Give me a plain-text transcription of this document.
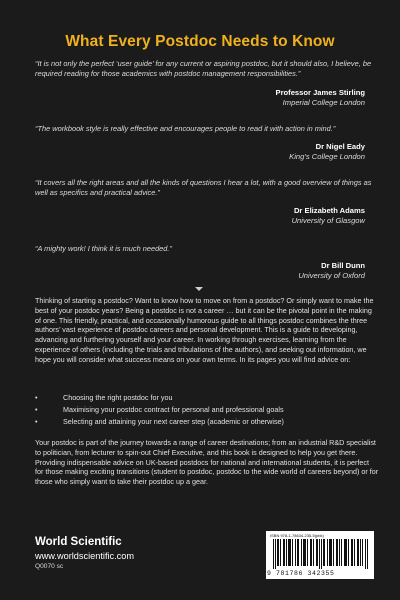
What Every Postdoc Needs to Know
“It is not only the perfect ‘user guide’ for any current or aspiring postdoc, but it should also, I believe, be required reading for those academics with postdoc management responsibilities.”
Professor James Stirling
Imperial College London
“The workbook style is really effective and encourages people to read it with action in mind.”
Dr Nigel Eady
King’s College London
“It covers all the right areas and all the kinds of questions I hear a lot, with a good overview of things as well as specifics and practical advice.”
Dr Elizabeth Adams
University of Glasgow
“A mighty work! I think it is much needed.”
Dr Bill Dunn
University of Oxford
Thinking of starting a postdoc? Want to know how to move on from a postdoc? Or simply want to make the best of your postdoc years? Being a postdoc is not a career … but it can be the pivotal point in the making of one. This friendly, practical, and occasionally humorous guide to all things postdoc combines the three authors’ vast experience of postdoc careers and personal development. This is a guide to developing, advancing and furthering yourself and your career. In working through exercises, learning from the experience of others (including the trials and tribulations of the authors), and seeking out information, we hope you will consider what success means on your own terms. In its pages you will find advice on:
•	Choosing the right postdoc for you
•	Maximising your postdoc contract for personal and professional goals
•	Selecting and attaining your next career step (academic or otherwise)
Your postdoc is part of the journey towards a range of career destinations; from an industrial R&D specialist to politician, from lecturer to spin-out Chief Executive, and this book is designed to help you get there. Providing indispensable advice on UK-based postdocs for national and international students, it is perfect for those making exciting transitions (student to postdoc, postdoc to the wide world of careers beyond) or for those who simply want to take their postdoc up a gear.
World Scientific
www.worldscientific.com
Q0070 sc
ISBN 978-1-78634-235-5(pbk)
9 781786 342355
